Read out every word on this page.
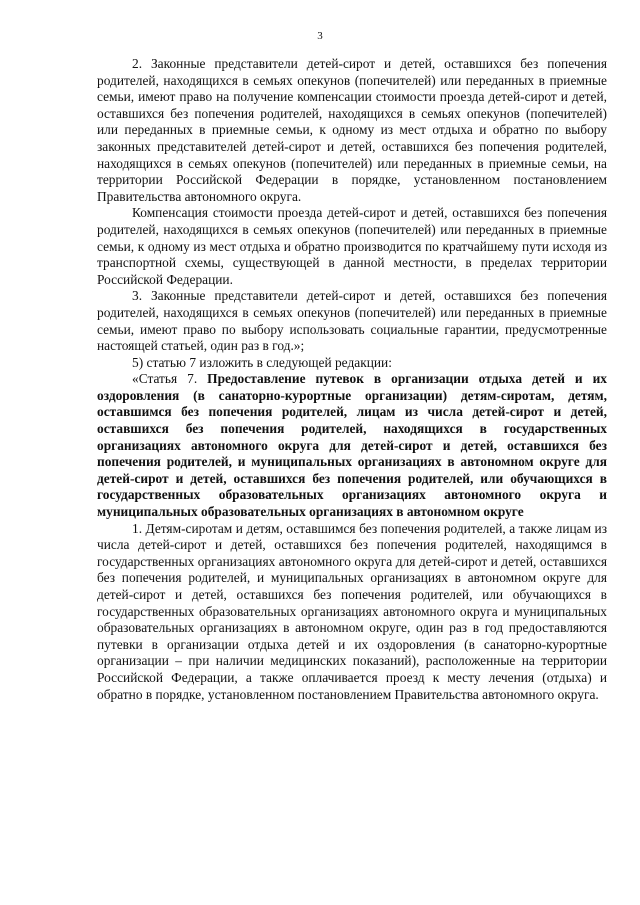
3

2. Законные представители детей-сирот и детей, оставшихся без попечения родителей, находящихся в семьях опекунов (попечителей) или переданных в приемные семьи, имеют право на получение компенсации стоимости проезда детей-сирот и детей, оставшихся без попечения родителей, находящихся в семьях опекунов (попечителей) или переданных в приемные семьи, к одному из мест отдыха и обратно по выбору законных представителей детей-сирот и детей, оставшихся без попечения родителей, находящихся в семьях опекунов (попечителей) или переданных в приемные семьи, на территории Российской Федерации в порядке, установленном постановлением Правительства автономного округа.

Компенсация стоимости проезда детей-сирот и детей, оставшихся без попечения родителей, находящихся в семьях опекунов (попечителей) или переданных в приемные семьи, к одному из мест отдыха и обратно производится по кратчайшему пути исходя из транспортной схемы, существующей в данной местности, в пределах территории Российской Федерации.

3. Законные представители детей-сирот и детей, оставшихся без попечения родителей, находящихся в семьях опекунов (попечителей) или переданных в приемные семьи, имеют право по выбору использовать социальные гарантии, предусмотренные настоящей статьей, один раз в год.»;

5) статью 7 изложить в следующей редакции:

«Статья 7. Предоставление путевок в организации отдыха детей и их оздоровления (в санаторно-курортные организации) детям-сиротам, детям, оставшимся без попечения родителей, лицам из числа детей-сирот и детей, оставшихся без попечения родителей, находящихся в государственных организациях автономного округа для детей-сирот и детей, оставшихся без попечения родителей, и муниципальных организациях в автономном округе для детей-сирот и детей, оставшихся без попечения родителей, или обучающихся в государственных образовательных организациях автономного округа и муниципальных образовательных организациях в автономном округе

1. Детям-сиротам и детям, оставшимся без попечения родителей, а также лицам из числа детей-сирот и детей, оставшихся без попечения родителей, находящимся в государственных организациях автономного округа для детей-сирот и детей, оставшихся без попечения родителей, и муниципальных организациях в автономном округе для детей-сирот и детей, оставшихся без попечения родителей, или обучающихся в государственных образовательных организациях автономного округа и муниципальных образовательных организациях в автономном округе, один раз в год предоставляются путевки в организации отдыха детей и их оздоровления (в санаторно-курортные организации – при наличии медицинских показаний), расположенные на территории Российской Федерации, а также оплачивается проезд к месту лечения (отдыха) и обратно в порядке, установленном постановлением Правительства автономного округа.
